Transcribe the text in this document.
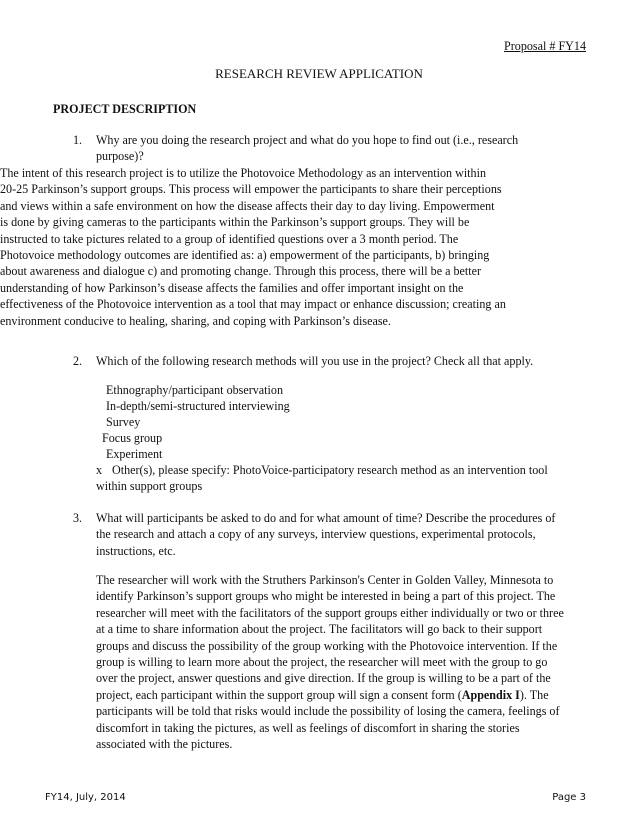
Proposal # FY14
RESEARCH REVIEW APPLICATION
PROJECT DESCRIPTION
1. Why are you doing the research project and what do you hope to find out (i.e., research
purpose)?
The intent of this research project is to utilize the Photovoice Methodology as an intervention within
20-25 Parkinson’s support groups. This process will empower the participants to share their perceptions
and views within a safe environment on how the disease affects their day to day living. Empowerment
is done by giving cameras to the participants within the Parkinson’s support groups. They will be
instructed to take pictures related to a group of identified questions over a 3 month period. The
Photovoice methodology outcomes are identified as: a) empowerment of the participants, b) bringing
about awareness and dialogue c) and promoting change. Through this process, there will be a better
understanding of how Parkinson’s disease affects the families and offer important insight on the
effectiveness of the Photovoice intervention as a tool that may impact or enhance discussion; creating an
environment conducive to healing, sharing, and coping with Parkinson’s disease.
2. Which of the following research methods will you use in the project? Check all that apply.
Ethnography/participant observation
In-depth/semi-structured interviewing
Survey
Focus group
Experiment
x Other(s), please specify: PhotoVoice-participatory research method as an intervention tool
within support groups
3. What will participants be asked to do and for what amount of time? Describe the procedures of
the research and attach a copy of any surveys, interview questions, experimental protocols,
instructions, etc.
The researcher will work with the Struthers Parkinson's Center in Golden Valley, Minnesota to
identify Parkinson’s support groups who might be interested in being a part of this project. The
researcher will meet with the facilitators of the support groups either individually or two or three
at a time to share information about the project. The facilitators will go back to their support
groups and discuss the possibility of the group working with the Photovoice intervention. If the
group is willing to learn more about the project, the researcher will meet with the group to go
over the project, answer questions and give direction. If the group is willing to be a part of the
project, each participant within the support group will sign a consent form (Appendix I). The
participants will be told that risks would include the possibility of losing the camera, feelings of
discomfort in taking the pictures, as well as feelings of discomfort in sharing the stories
associated with the pictures.
FY14, July, 2014	Page 3
